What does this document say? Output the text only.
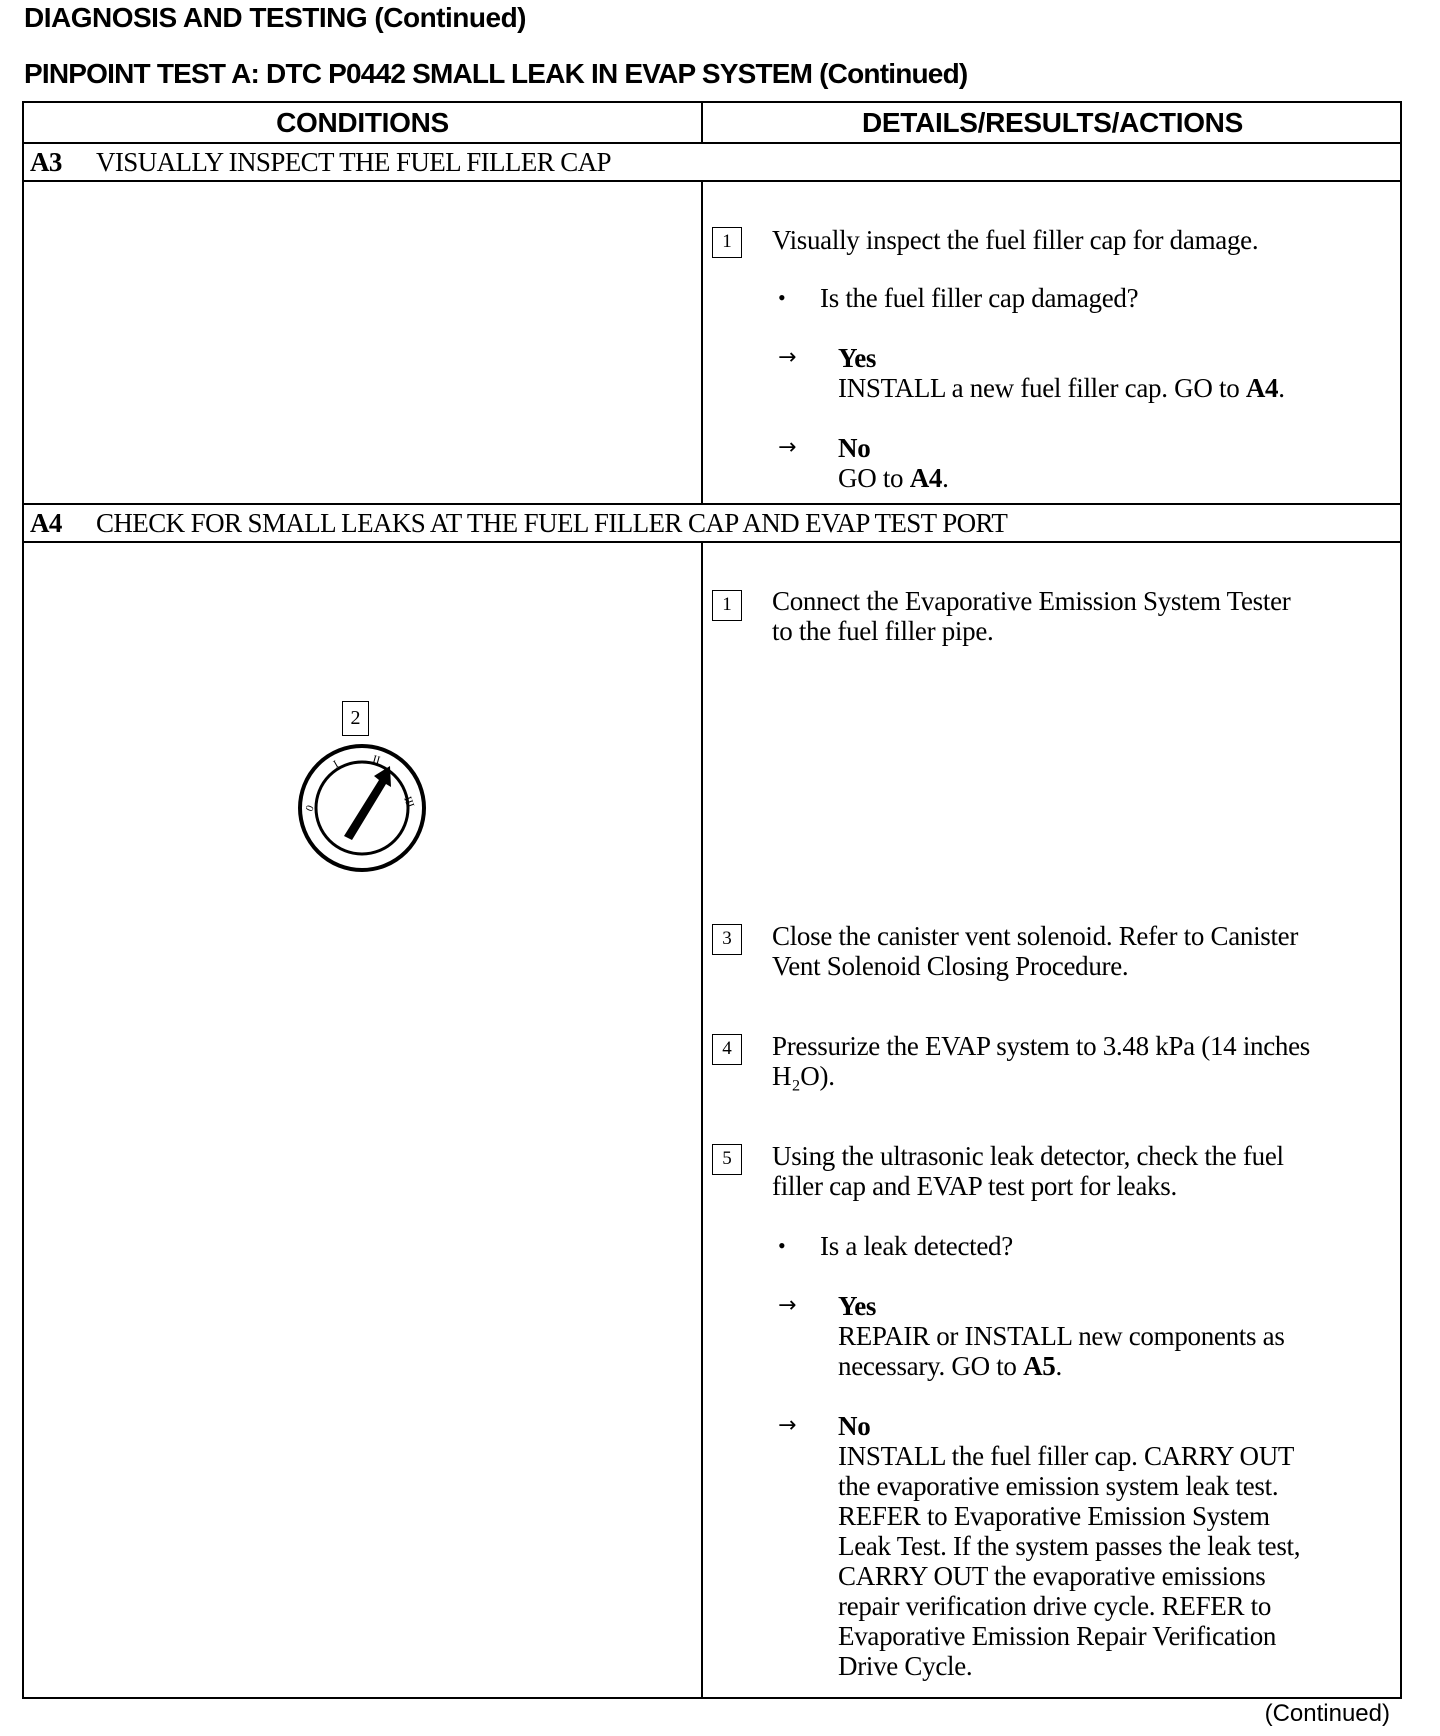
DIAGNOSIS AND TESTING (Continued)
PINPOINT TEST A: DTC P0442 SMALL LEAK IN EVAP SYSTEM (Continued)
CONDITIONS	DETAILS/RESULTS/ACTIONS
A3 VISUALLY INSPECT THE FUEL FILLER CAP
1	Visually inspect the fuel filler cap for damage.
• Is the fuel filler cap damaged?
→ Yes
INSTALL a new fuel filler cap. GO to A4.
→ No
GO to A4.
A4 CHECK FOR SMALL LEAKS AT THE FUEL FILLER CAP AND EVAP TEST PORT
1	Connect the Evaporative Emission System Tester
to the fuel filler pipe.
3	Close the canister vent solenoid. Refer to Canister
Vent Solenoid Closing Procedure.
4	Pressurize the EVAP system to 3.48 kPa (14 inches
H₂O).
5	Using the ultrasonic leak detector, check the fuel
filler cap and EVAP test port for leaks.
• Is a leak detected?
→ Yes
REPAIR or INSTALL new components as
necessary. GO to A5.
→ No
INSTALL the fuel filler cap. CARRY OUT
the evaporative emission system leak test.
REFER to Evaporative Emission System
Leak Test. If the system passes the leak test,
CARRY OUT the evaporative emissions
repair verification drive cycle. REFER to
Evaporative Emission Repair Verification
Drive Cycle.
2
0
I	II
III
(Continued)
